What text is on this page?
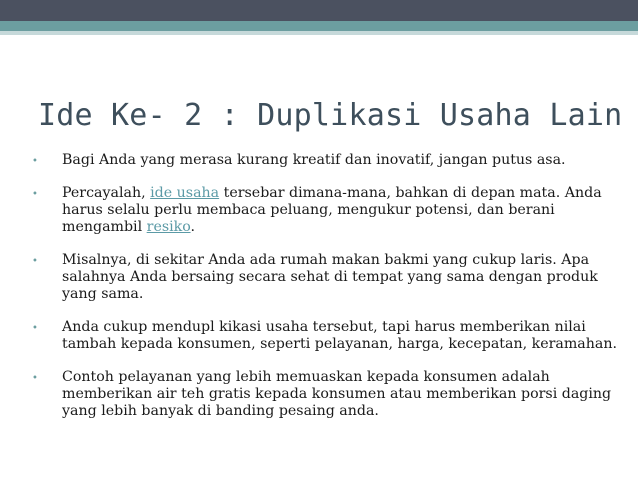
Ide Ke- 2 : Duplikasi Usaha Lain
• Bagi Anda yang merasa kurang kreatif dan inovatif, jangan putus asa.
• Percayalah, ide usaha tersebar dimana-mana, bahkan di depan mata. Anda harus selalu perlu membaca peluang, mengukur potensi, dan berani mengambil resiko.
• Misalnya, di sekitar Anda ada rumah makan bakmi yang cukup laris. Apa salahnya Anda bersaing secara sehat di tempat yang sama dengan produk yang sama.
• Anda cukup mendupl kikasi usaha tersebut, tapi harus memberikan nilai tambah kepada konsumen, seperti pelayanan, harga, kecepatan, keramahan.
• Contoh pelayanan yang lebih memuaskan kepada konsumen adalah memberikan air teh gratis kepada konsumen atau memberikan porsi daging yang lebih banyak di banding pesaing anda.
